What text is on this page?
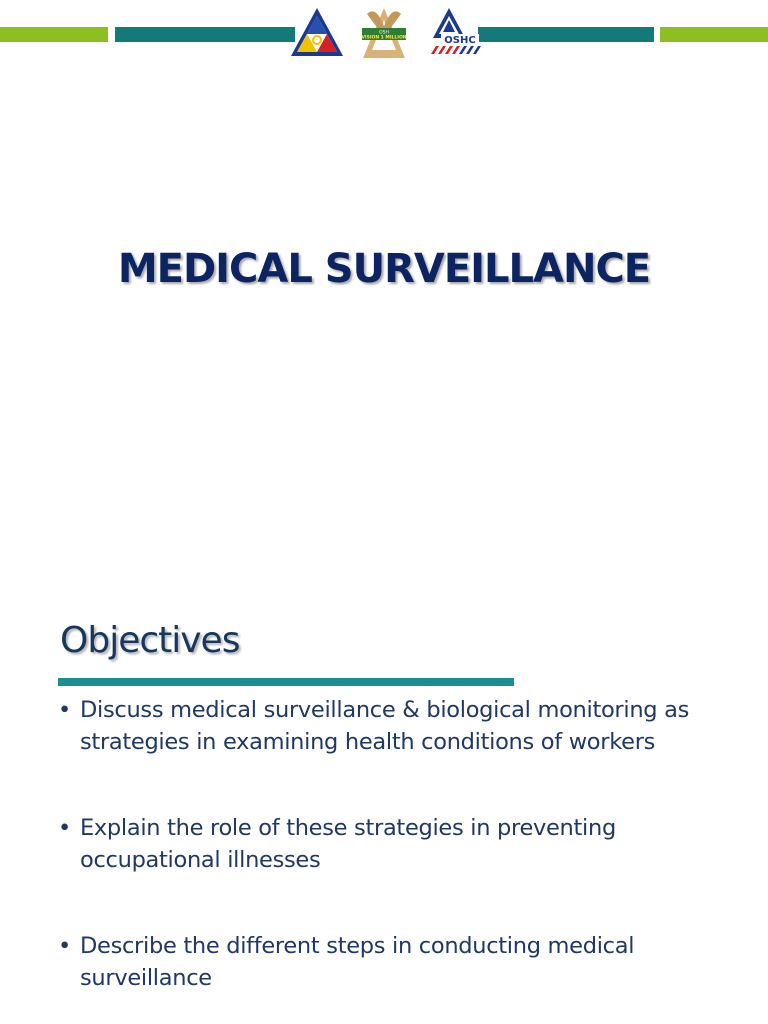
OSH
VISION 1 MILLION	OSHC
MEDICAL SURVEILLANCE
Objectives
• Discuss medical surveillance & biological monitoring as strategies in examining health conditions of workers
• Explain the role of these strategies in preventing occupational illnesses
• Describe the different steps in conducting medical surveillance
